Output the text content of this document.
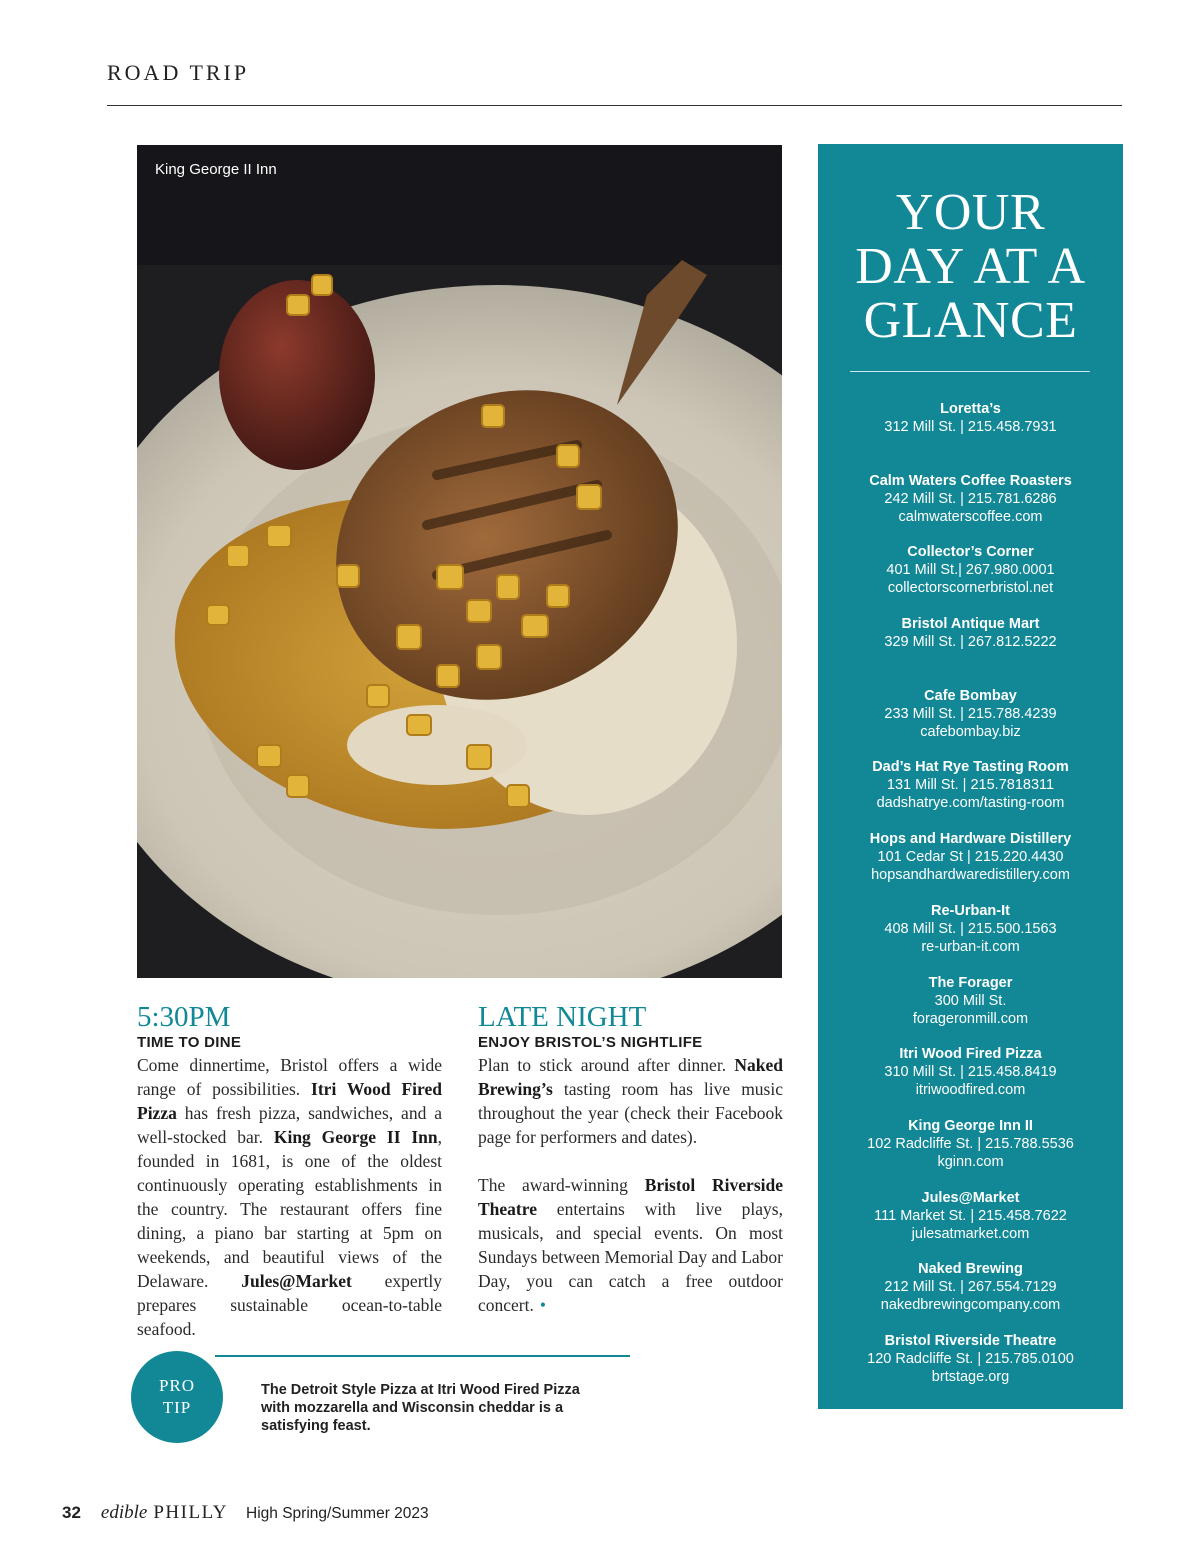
ROAD TRIP
King George II Inn
5:30PM
TIME TO DINE

Come dinnertime, Bristol offers a wide range of possibilities. Itri Wood Fired Pizza has fresh pizza, sandwiches, and a well-stocked bar. King George II Inn, founded in 1681, is one of the oldest continuously operating establishments in the country. The restaurant offers fine dining, a piano bar starting at 5pm on weekends, and beautiful views of the Delaware. Jules@Market expertly prepares sustainable ocean-to-table seafood.

LATE NIGHT
ENJOY BRISTOL’S NIGHTLIFE

Plan to stick around after dinner. Naked Brewing’s tasting room has live music throughout the year (check their Facebook page for performers and dates).

The award-winning Bristol Riverside Theatre entertains with live plays, musicals, and special events. On most Sundays between Memorial Day and Labor Day, you can catch a free outdoor concert. •

PRO
TIP
The Detroit Style Pizza at Itri Wood Fired Pizza with mozzarella and Wisconsin cheddar is a satisfying feast.
YOUR
DAY AT A
GLANCE
Loretta’s
312 Mill St. | 215.458.7931
Calm Waters Coffee Roasters
242 Mill St. | 215.781.6286
calmwaterscoffee.com
Collector’s Corner
401 Mill St.| 267.980.0001
collectorscornerbristol.net
Bristol Antique Mart
329 Mill St. | 267.812.5222
Cafe Bombay
233 Mill St. | 215.788.4239
cafebombay.biz
Dad’s Hat Rye Tasting Room
131 Mill St. | 215.7818311
dadshatrye.com/tasting-room
Hops and Hardware Distillery
101 Cedar St | 215.220.4430
hopsandhardwaredistillery.com
Re-Urban-It
408 Mill St. | 215.500.1563
re-urban-it.com
The Forager
300 Mill St.
forageronmill.com
Itri Wood Fired Pizza
310 Mill St. | 215.458.8419
itriwoodfired.com
King George Inn II
102 Radcliffe St. | 215.788.5536
kginn.com
Jules@Market
111 Market St. | 215.458.7622
julesatmarket.com
Naked Brewing
212 Mill St. | 267.554.7129
nakedbrewingcompany.com
Bristol Riverside Theatre
120 Radcliffe St. | 215.785.0100
brtstage.org
32 edible PHILLY High Spring/Summer 2023
